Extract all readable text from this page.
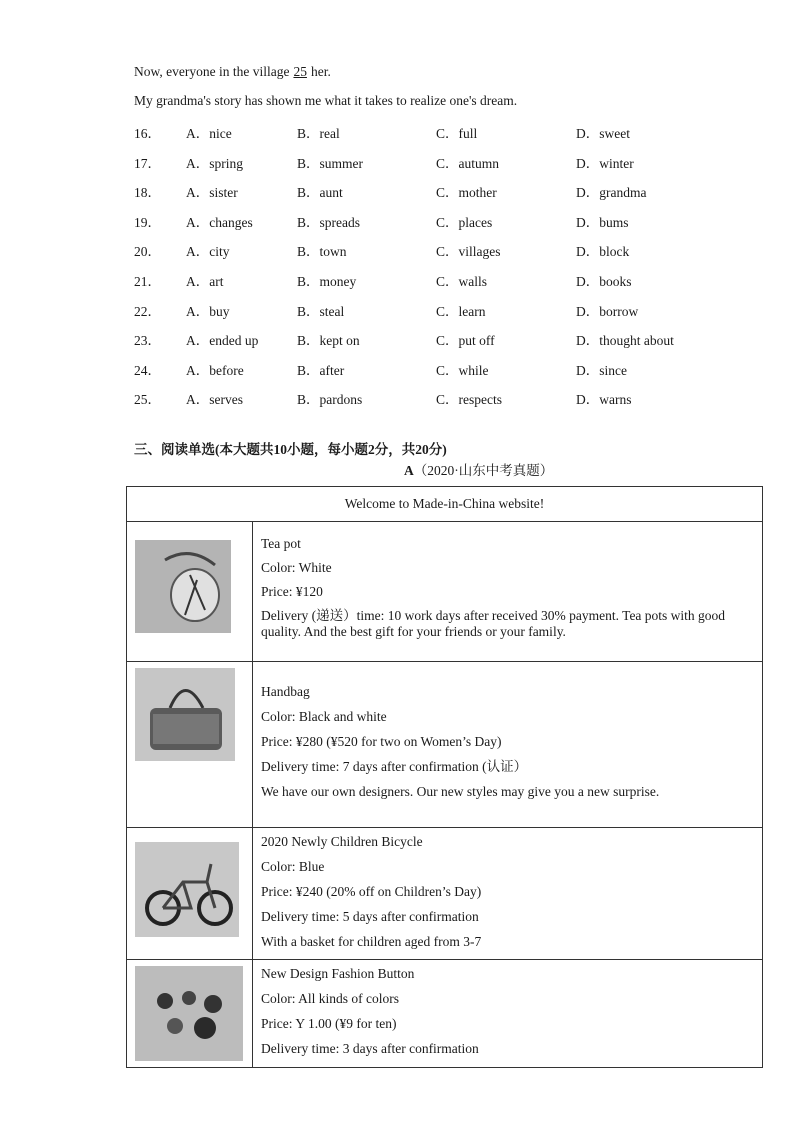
Now, everyone in the village 25 her.
My grandma's story has shown me what it takes to realize one's dream.
16． A．nice	B．real	C．full	D．sweet
17． A．spring	B．summer	C．autumn	D．winter
18． A．sister	B．aunt	C．mother	D．grandma
19． A．changes	B．spreads	C．places	D．bums
20． A．city	B．town	C．villages	D．block
21． A．art	B．money	C．walls	D．books
22． A．buy	B．steal	C．learn	D．borrow
23． A．ended up	B．kept on	C．put off	D．thought about
24． A．before	B．after	C．while	D．since
25． A．serves	B．pardons	C．respects	D．warns
三、阅读单选(本大题共10小题，每小题2分，共20分)
A（2020·山东中考真题）
Welcome to Made-in-China website!	

Tea pot

Color: White

Price: ¥120

Delivery (递送）time: 10 work days after received 30% payment. Tea pots with good quality. And the best gift for your friends or your family.

Handbag

Color: Black and white

Price: ¥280 (¥520 for two on Women’s Day)

Delivery time: 7 days after confirmation (认证）

We have our own designers. Our new styles may give you a new surprise.

2020 Newly Children Bicycle

Color: Blue

Price: ¥240 (20% off on Children’s Day)

Delivery time: 5 days after confirmation

With a basket for children aged from 3-7

New Design Fashion Button

Color: All kinds of colors

Price: Y 1.00 (¥9 for ten)

Delivery time: 3 days after confirmation
